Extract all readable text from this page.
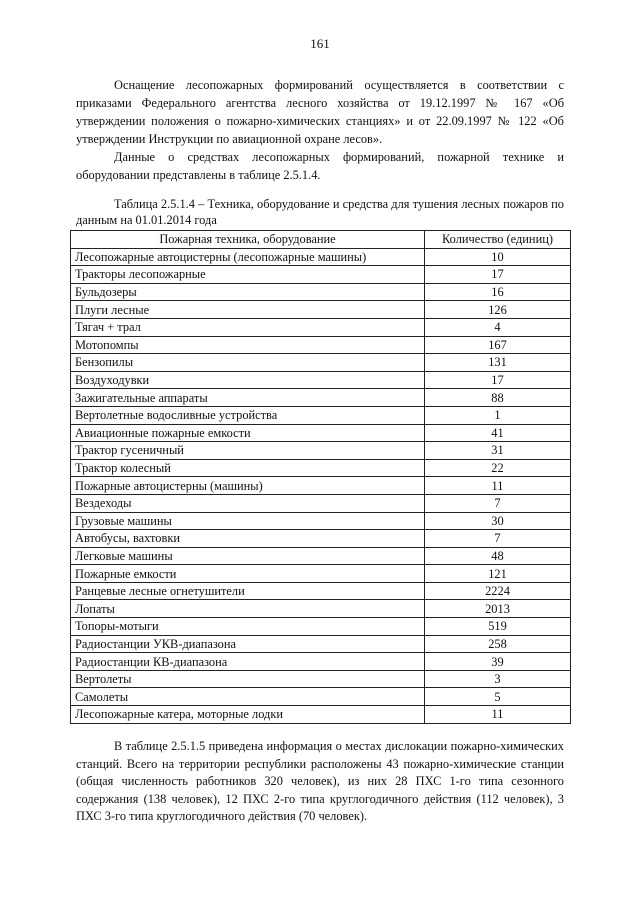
161

Оснащение лесопожарных формирований осуществляется в соответствии с приказами Федерального агентства лесного хозяйства от 19.12.1997 № 167 «Об утверждении положения о пожарно-химических станциях» и от 22.09.1997 № 122 «Об утверждении Инструкции по авиационной охране лесов».

Данные о средствах лесопожарных формирований, пожарной технике и оборудовании представлены в таблице 2.5.1.4.

Таблица 2.5.1.4 – Техника, оборудование и средства для тушения лесных пожаров по данным на 01.01.2014 года

Пожарная техника, оборудование	Количество (единиц)
Лесопожарные автоцистерны (лесопожарные машины)	10
Тракторы лесопожарные	17
Бульдозеры	16
Плуги лесные	126
Тягач + трал	4
Мотопомпы	167
Бензопилы	131
Воздуходувки	17
Зажигательные аппараты	88
Вертолетные водосливные устройства	1
Авиационные пожарные емкости	41
Трактор гусеничный	31
Трактор колесный	22
Пожарные автоцистерны (машины)	11
Вездеходы	7
Грузовые машины	30
Автобусы, вахтовки	7
Легковые машины	48
Пожарные емкости	121
Ранцевые лесные огнетушители	2224
Лопаты	2013
Топоры-мотыги	519
Радиостанции УКВ-диапазона	258
Радиостанции КВ-диапазона	39
Вертолеты	3
Самолеты	5
Лесопожарные катера, моторные лодки	11

В таблице 2.5.1.5 приведена информация о местах дислокации пожарно-химических станций. Всего на территории республики расположены 43 пожарно-химические станции (общая численность работников 320 человек), из них 28 ПХС 1-го типа сезонного содержания (138 человек), 12 ПХС 2-го типа круглогодичного действия (112 человек), 3 ПХС 3-го типа круглогодичного действия (70 человек).
